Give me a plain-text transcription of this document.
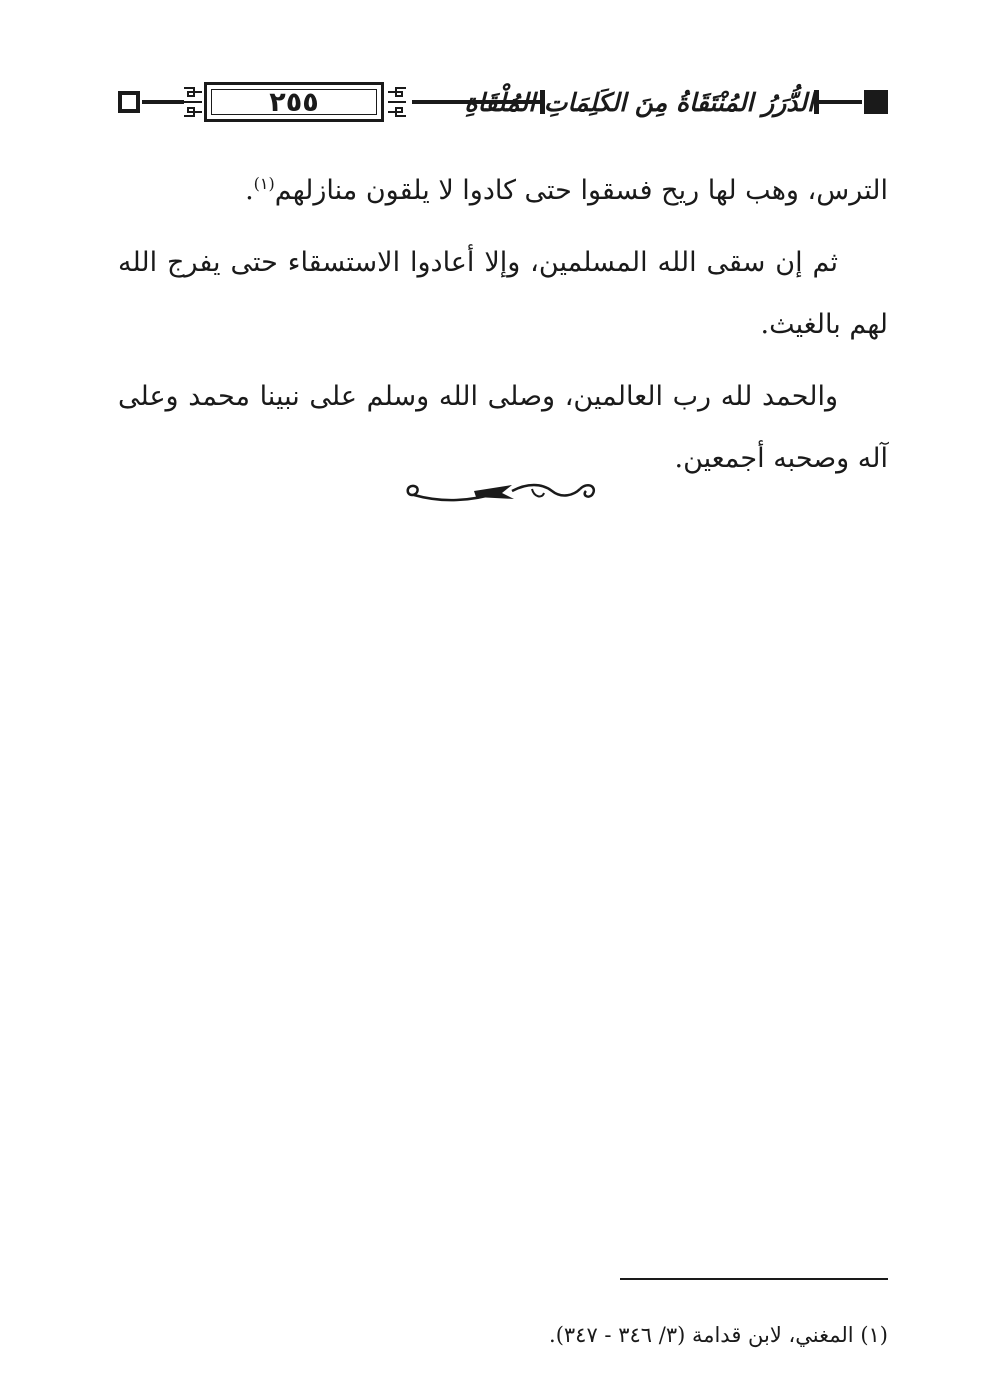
٢٥٥	الدُّرَرُ المُنْتَقَاةُ مِنَ الكَلِمَاتِ المُلْقَاةِ

الترس، وهب لها ريح فسقوا حتى كادوا لا يلقون منازلهم$^{(١)}$.

ثم إن سقى الله المسلمين، وإلا أعادوا الاستسقاء حتى يفرج الله لهم بالغيث.

والحمد لله رب العالمين، وصلى الله وسلم على نبينا محمد وعلى آله وصحبه أجمعين.

(١) المغني، لابن قدامة (٣/ ٣٤٦ - ٣٤٧).
